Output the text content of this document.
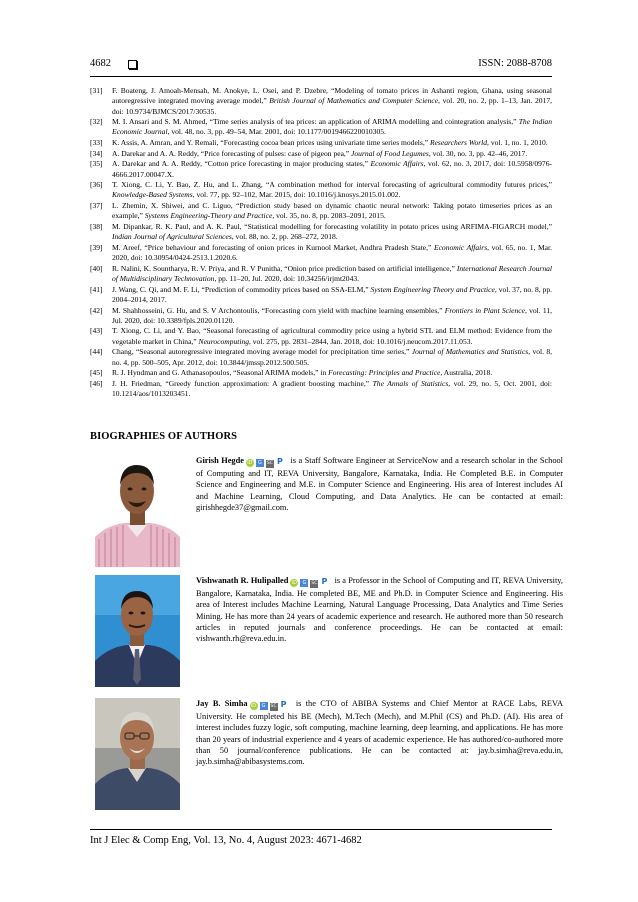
4682	ISSN: 2088-8708
[31]	F. Boateng, J. Amoah-Mensah, M. Anokye, L. Osei, and P. Dzebre, “Modeling of tomato prices in Ashanti region, Ghana, using seasonal autoregressive integrated moving average model,” British Journal of Mathematics and Computer Science, vol. 20, no. 2, pp. 1–13, Jan. 2017, doi: 10.9734/BJMCS/2017/30535.
[32]	M. I. Ansari and S. M. Ahmed, “Time series analysis of tea prices: an application of ARIMA modelling and cointegration analysis,” The Indian Economic Journal, vol. 48, no. 3, pp. 49–54, Mar. 2001, doi: 10.1177/0019466220010305.
[33]	K. Assis, A. Amran, and Y. Remali, “Forecasting cocoa bean prices using univariate time series models,” Researchers World, vol. 1, no. 1, 2010.
[34]	A. Darekar and A. A. Reddy, “Price forecasting of pulses: case of pigeon pea,” Journal of Food Legumes, vol. 30, no. 3, pp. 42–46, 2017.
[35]	A. Darekar and A. A. Reddy, “Cotton price forecasting in major producing states,” Economic Affairs, vol. 62, no. 3, 2017, doi: 10.5958/0976-4666.2017.00047.X.
[36]	T. Xiong, C. Li, Y. Bao, Z. Hu, and L. Zhang, “A combination method for interval forecasting of agricultural commodity futures prices,” Knowledge-Based Systems, vol. 77, pp. 92–102, Mar. 2015, doi: 10.1016/j.knosys.2015.01.002.
[37]	L. Zhemin, X. Shiwei, and C. Liguo, “Prediction study based on dynamic chaotic neural network: Taking potato timeseries prices as an example,” Systems Engineering-Theory and Practice, vol. 35, no. 8, pp. 2083–2091, 2015.
[38]	M. Dipankar, R. K. Paul, and A. K. Paul, “Statistical modelling for forecasting volatility in potato prices using ARFIMA-FIGARCH model,” Indian Journal of Agricultural Sciences, vol. 88, no. 2, pp. 268–272, 2018.
[39]	M. Areef, “Price behaviour and forecasting of onion prices in Kurnool Market, Andhra Pradesh State,” Economic Affairs, vol. 65, no. 1, Mar. 2020, doi: 10.30954/0424-2513.1.2020.6.
[40]	R. Nalini, K. Sountharya, R. V. Priya, and R. V Punitha, “Onion price prediction based on artificial intelligence,” International Research Journal of Multidisciplinary Technovation, pp. 11–20, Jul. 2020, doi: 10.34256/irjmt2043.
[41]	J. Wang, C. Qi, and M. F. Li, “Prediction of commodity prices based on SSA-ELM,” System Engineering Theory and Practice, vol. 37, no. 8, pp. 2004–2014, 2017.
[42]	M. Shahhosseini, G. Hu, and S. V Archontoulis, “Forecasting corn yield with machine learning ensembles,” Frontiers in Plant Science, vol. 11, Jul. 2020, doi: 10.3389/fpls.2020.01120.
[43]	T. Xiong, C. Li, and Y. Bao, “Seasonal forecasting of agricultural commodity price using a hybrid STL and ELM method: Evidence from the vegetable market in China,” Neurocomputing, vol. 275, pp. 2831–2844, Jan. 2018, doi: 10.1016/j.neucom.2017.11.053.
[44]	Chang, “Seasonal autoregressive integrated moving average model for precipitation time series,” Journal of Mathematics and Statistics, vol. 8, no. 4, pp. 500–505, Apr. 2012, doi: 10.3844/jmssp.2012.500.505.
[45]	R. J. Hyndman and G. Athanasopoulos, “Seasonal ARIMA models,” in Forecasting: Principles and Practice, Australia, 2018.
[46]	J. H. Friedman, “Greedy function approximation: A gradient boosting machine,” The Annals of Statistics, vol. 29, no. 5, Oct. 2001, doi: 10.1214/aos/1013203451.
BIOGRAPHIES OF AUTHORS
Girish Hegde iD G SC P is a Staff Software Engineer at ServiceNow and a research scholar in the School of Computing and IT, REVA University, Bangalore, Karnataka, India. He Completed B.E. in Computer Science and Engineering and M.E. in Computer Science and Engineering. His area of Interest includes AI and Machine Learning, Cloud Computing, and Data Analytics. He can be contacted at email: girishhegde37@gmail.com.
Vishwanath R. Hulipalled iD G SC P is a Professor in the School of Computing and IT, REVA University, Bangalore, Karnataka, India. He completed BE, ME and Ph.D. in Computer Science and Engineering. His area of Interest includes Machine Learning, Natural Language Processing, Data Analytics and Time Series Mining. He has more than 24 years of academic experience and research. He authored more than 50 research articles in reputed journals and conference proceedings. He can be contacted at email: vishwanth.rh@reva.edu.in.
Jay B. Simha iD G SC P is the CTO of ABIBA Systems and Chief Mentor at RACE Labs, REVA University. He completed his BE (Mech), M.Tech (Mech), and M.Phil (CS) and Ph.D. (AI). His area of interest includes fuzzy logic, soft computing, machine learning, deep learning, and applications. He has more than 20 years of industrial experience and 4 years of academic experience. He has authored/co-authored more than 50 journal/conference publications. He can be contacted at: jay.b.simha@reva.edu.in, jay.b.simha@abibasystems.com.
Int J Elec & Comp Eng, Vol. 13, No. 4, August 2023: 4671-4682
